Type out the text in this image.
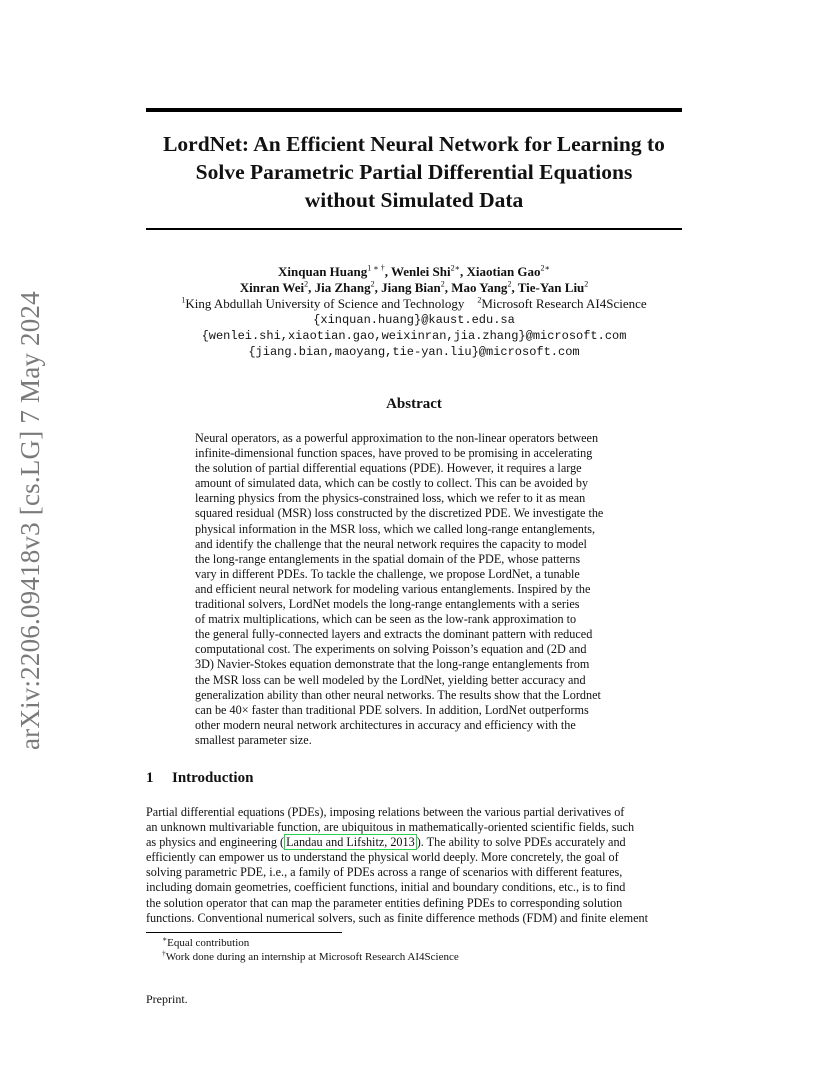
arXiv:2206.09418v3 [cs.LG] 7 May 2024
LordNet: An Efficient Neural Network for Learning to
Solve Parametric Partial Differential Equations
without Simulated Data
Xinquan Huang$^{1 ∗ \dagger}$, Wenlei Shi$^{2∗}$, Xiaotian Gao$^{2∗}$
Xinran Wei$^2$, Jia Zhang$^2$, Jiang Bian$^2$, Mao Yang$^2$, Tie-Yan Liu$^2$
$^1$King Abdullah University of Science and Technology $^2$Microsoft Research AI4Science
{xinquan.huang}@kaust.edu.sa
{wenlei.shi,xiaotian.gao,weixinran,jia.zhang}@microsoft.com
{jiang.bian,maoyang,tie-yan.liu}@microsoft.com
Abstract
Neural operators, as a powerful approximation to the non-linear operators between
infinite-dimensional function spaces, have proved to be promising in accelerating
the solution of partial differential equations (PDE). However, it requires a large
amount of simulated data, which can be costly to collect. This can be avoided by
learning physics from the physics-constrained loss, which we refer to it as mean
squared residual (MSR) loss constructed by the discretized PDE. We investigate the
physical information in the MSR loss, which we called long-range entanglements,
and identify the challenge that the neural network requires the capacity to model
the long-range entanglements in the spatial domain of the PDE, whose patterns
vary in different PDEs. To tackle the challenge, we propose LordNet, a tunable
and efficient neural network for modeling various entanglements. Inspired by the
traditional solvers, LordNet models the long-range entanglements with a series
of matrix multiplications, which can be seen as the low-rank approximation to
the general fully-connected layers and extracts the dominant pattern with reduced
computational cost. The experiments on solving Poisson’s equation and (2D and
3D) Navier-Stokes equation demonstrate that the long-range entanglements from
the MSR loss can be well modeled by the LordNet, yielding better accuracy and
generalization ability than other neural networks. The results show that the Lordnet
can be 40× faster than traditional PDE solvers. In addition, LordNet outperforms
other modern neural network architectures in accuracy and efficiency with the
smallest parameter size.
1 Introduction
Partial differential equations (PDEs), imposing relations between the various partial derivatives of
an unknown multivariable function, are ubiquitous in mathematically-oriented scientific fields, such
as physics and engineering ( Landau and Lifshitz, 2013 ). The ability to solve PDEs accurately and
efficiently can empower us to understand the physical world deeply. More concretely, the goal of
solving parametric PDE, i.e., a family of PDEs across a range of scenarios with different features,
including domain geometries, coefficient functions, initial and boundary conditions, etc., is to find
the solution operator that can map the parameter entities defining PDEs to corresponding solution
functions. Conventional numerical solvers, such as finite difference methods (FDM) and finite element
∗Equal contribution
†Work done during an internship at Microsoft Research AI4Science
Preprint.
